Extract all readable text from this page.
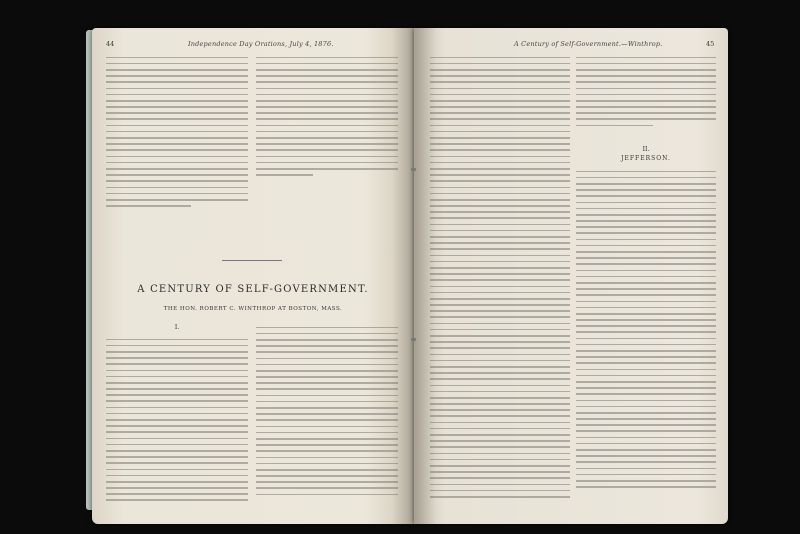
44	Independence Day Orations, July 4, 1876.
A CENTURY OF SELF-GOVERNMENT.
THE HON. ROBERT C. WINTHROP AT BOSTON, MASS.
I.
A Century of Self-Government.—Winthrop.	45
II.
JEFFERSON.
